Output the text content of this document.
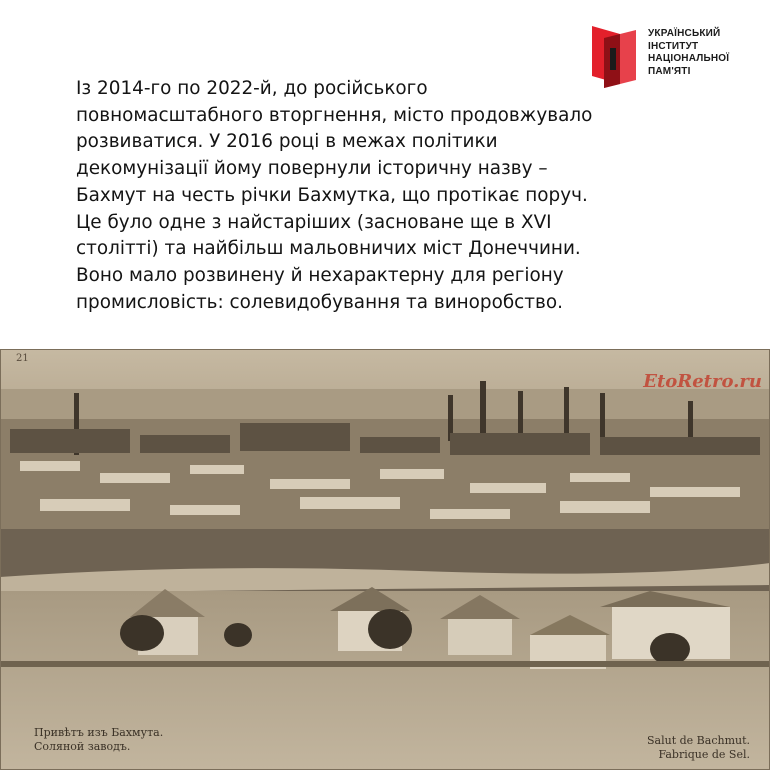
УКРАЇНСЬКИЙ
ІНСТИТУТ
НАЦІОНАЛЬНОЇ
ПАМ'ЯТІ
Із 2014-го по 2022-й, до російського
повномасштабного вторгнення, місто продовжувало
розвиватися. У 2016 році в межах політики
декомунізації йому повернули історичну назву –
Бахмут на честь річки Бахмутка, що протікає поруч.
Це було одне з найстаріших (засноване ще в XVI
столітті) та найбільш мальовничих міст Донеччини.
Воно мало розвинену й нехарактерну для регіону
промисловість: солевидобування та виноробство.
21
EtoRetro.ru
Привѣтъ изъ Бахмута.
Соляной заводъ.	Salut de Bachmut.
Fabrique de Sel.
